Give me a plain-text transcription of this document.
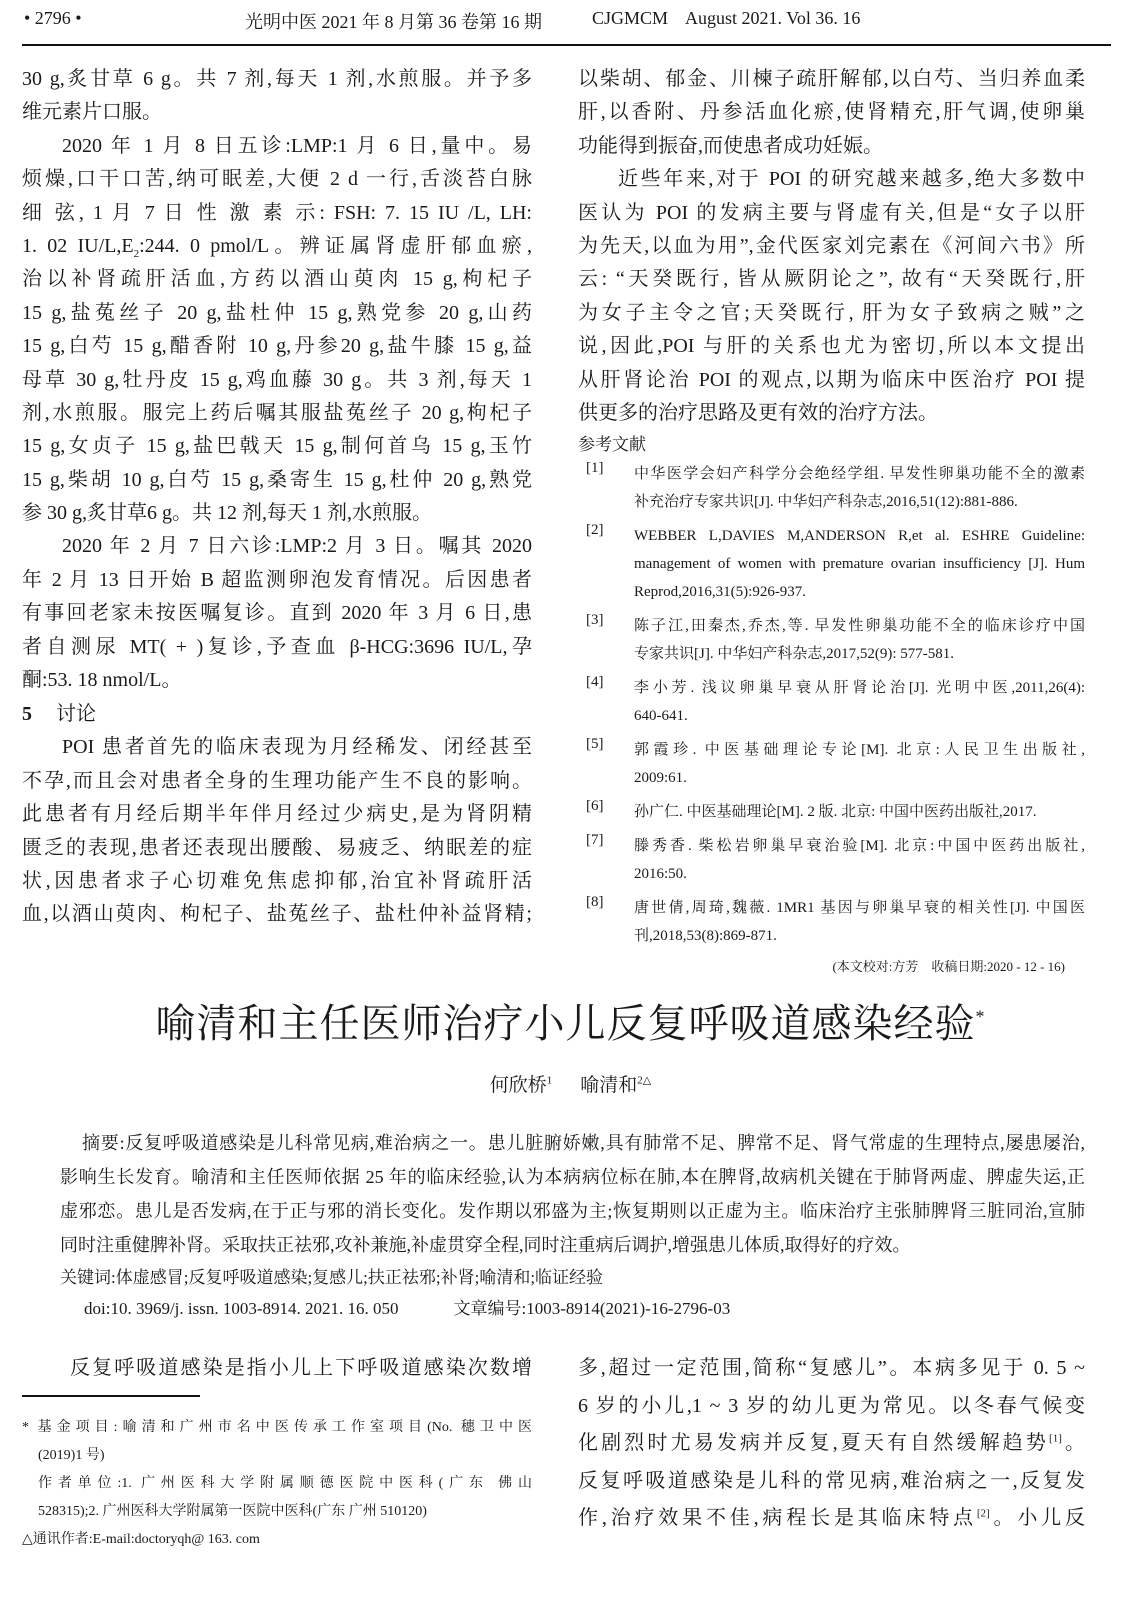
• 2796 •	光明中医 2021 年 8 月第 36 卷第 16 期	CJGMCM    August 2021. Vol 36. 16
30 g,炙甘草 6 g。共 7 剂,每天 1 剂,水煎服。并予多
维元素片口服。
2020 年 1 月 8 日五诊:LMP:1 月 6 日,量中。易
烦燥,口干口苦,纳可眠差,大便 2 d 一行,舌淡苔白脉
细 弦, 1 月 7 日 性 激 素 示: FSH: 7. 15 IU /L, LH:
1. 02 $IU/L,E_2:244$. 0 pmol/L。辨证属肾虚肝郁血瘀,
治以补肾疏肝活血,方药以酒山萸肉 15 g,枸杞子
15 g,盐菟丝子 20 g,盐杜仲 15 g,熟党参 20 g,山药
15 g,白芍 15 g,醋香附 10 g,丹参20 g,盐牛膝 15 g,益
母草 30 g,牡丹皮 15 g,鸡血藤 30 g。共 3 剂,每天 1
剂,水煎服。服完上药后嘱其服盐菟丝子 20 g,枸杞子
15 g,女贞子 15 g,盐巴戟天 15 g,制何首乌 15 g,玉竹
15 g,柴胡 10 g,白芍 15 g,桑寄生 15 g,杜仲 20 g,熟党
参 30 g,炙甘草6 g。共 12 剂,每天 1 剂,水煎服。
2020 年 2 月 7 日六诊:LMP:2 月 3 日。嘱其 2020
年 2 月 13 日开始 B 超监测卵泡发育情况。后因患者
有事回老家未按医嘱复诊。直到 2020 年 3 月 6 日,患
者自测尿 MT( + )复诊,予查血 β-HCG:3696 IU/L,孕
酮:53. 18 nmol/L。
5 讨论
POI 患者首先的临床表现为月经稀发、闭经甚至
不孕,而且会对患者全身的生理功能产生不良的影响。
此患者有月经后期半年伴月经过少病史,是为肾阴精
匮乏的表现,患者还表现出腰酸、易疲乏、纳眠差的症
状,因患者求子心切难免焦虑抑郁,治宜补肾疏肝活
血,以酒山萸肉、枸杞子、盐菟丝子、盐杜仲补益肾精;
以柴胡、郁金、川楝子疏肝解郁,以白芍、当归养血柔
肝,以香附、丹参活血化瘀,使肾精充,肝气调,使卵巢
功能得到振奋,而使患者成功妊娠。
近些年来,对于 POI 的研究越来越多,绝大多数中
医认为 POI 的发病主要与肾虚有关,但是“女子以肝
为先天,以血为用”,金代医家刘完素在《河间六书》所
云: “天癸既行, 皆从厥阴论之”, 故有“天癸既行,肝
为女子主令之官;天癸既行, 肝为女子致病之贼”之
说,因此,POI 与肝的关系也尤为密切,所以本文提出
从肝肾论治 POI 的观点,以期为临床中医治疗 POI 提
供更多的治疗思路及更有效的治疗方法。
参考文献
[1]	中华医学会妇产科学分会绝经学组. 早发性卵巢功能不全的激素
补充治疗专家共识[J]. 中华妇产科杂志,2016,51(12):881-886.
[2]	WEBBER L,DAVIES M,ANDERSON R,et al. ESHRE Guideline:
management of women with premature ovarian insufficiency [J]. Hum
Reprod,2016,31(5):926-937.
[3]	陈子江,田秦杰,乔杰,等. 早发性卵巢功能不全的临床诊疗中国
专家共识[J]. 中华妇产科杂志,2017,52(9): 577-581.
[4]	李小芳. 浅议卵巢早衰从肝肾论治[J]. 光明中医,2011,26(4):
640-641.
[5]	郭霞珍. 中医基础理论专论[M]. 北京:人民卫生出版社,
2009:61.
[6]	孙广仁. 中医基础理论[M]. 2 版. 北京: 中国中医药出版社,2017.
[7]	滕秀香. 柴松岩卵巢早衰治验[M]. 北京:中国中医药出版社,
2016:50.
[8]	唐世倩,周琦,魏薇. 1MR1 基因与卵巢早衰的相关性[J]. 中国医
刊,2018,53(8):869-871.
(本文校对:方芳    收稿日期:2020 - 12 - 16)
喻清和主任医师治疗小儿反复呼吸道感染经验*
何欣桥$^1$ 喻清和$^{2\triangle}$
摘要:反复呼吸道感染是儿科常见病,难治病之一。患儿脏腑娇嫩,具有肺常不足、脾常不足、肾气常虚的生理特点,屡患屡治,
影响生长发育。喻清和主任医师依据 25 年的临床经验,认为本病病位标在肺,本在脾肾,故病机关键在于肺肾两虚、脾虚失运,正
虚邪恋。患儿是否发病,在于正与邪的消长变化。发作期以邪盛为主;恢复期则以正虚为主。临床治疗主张肺脾肾三脏同治,宣肺
同时注重健脾补肾。采取扶正祛邪,攻补兼施,补虚贯穿全程,同时注重病后调护,增强患儿体质,取得好的疗效。
关键词:体虚感冒;反复呼吸道感染;复感儿;扶正祛邪;补肾;喻清和;临证经验
doi:10. 3969/j. issn. 1003-8914. 2021. 16. 050	文章编号:1003-8914(2021)-16-2796-03
反复呼吸道感染是指小儿上下呼吸道感染次数增
* 基金项目:喻清和广州市名中医传承工作室项目(No. 穗卫中医
(2019)1 号)
作者单位:1. 广州医科大学附属顺德医院中医科(广东 佛山
528315);2. 广州医科大学附属第一医院中医科(广东 广州 510120)
△通讯作者:E-mail:doctoryqh@ 163. com
多,超过一定范围,简称“复感儿”。本病多见于 0. 5 ~
6 岁的小儿,1 ~ 3 岁的幼儿更为常见。以冬春气候变
化剧烈时尤易发病并反复,夏天有自然缓解趋势[1]。
反复呼吸道感染是儿科的常见病,难治病之一,反复发
作,治疗效果不佳,病程长是其临床特点[2]。小儿反
